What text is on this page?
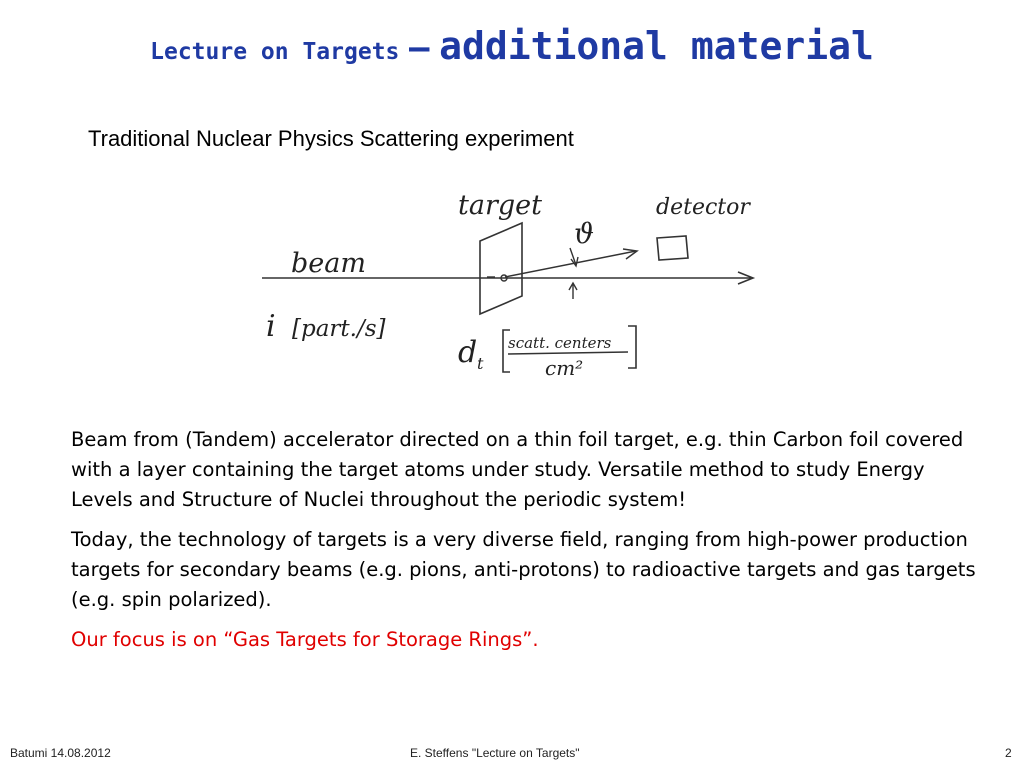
Lecture on Targets – additional material
Traditional Nuclear Physics Scattering experiment
target	detector
beam
ϑ
i [part./s]
d t
scatt. centers
cm²

Beam from (Tandem) accelerator directed on a thin foil target, e.g. thin Carbon foil covered with a layer containing the target atoms under study. Versatile method to study Energy Levels and Structure of Nuclei throughout the periodic system!

Today, the technology of targets is a very diverse field, ranging from high-power production targets for secondary beams (e.g. pions, anti-protons) to radioactive targets and gas targets (e.g. spin polarized).

Our focus is on “Gas Targets for Storage Rings”.

Batumi 14.08.2012	E. Steffens "Lecture on Targets"	2
